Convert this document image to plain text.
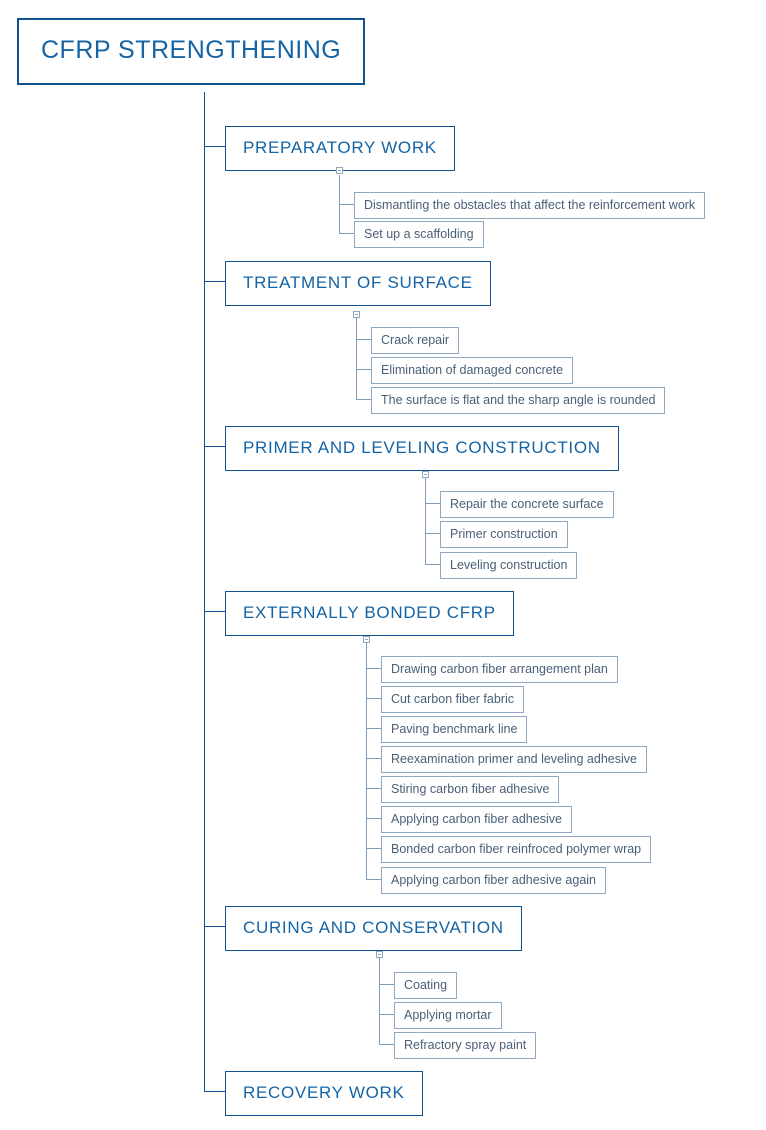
CFRP STRENGTHENING
PREPARATORY WORK
Dismantling the obstacles that affect the reinforcement work
Set up a scaffolding
TREATMENT OF SURFACE
Crack repair
Elimination of damaged concrete
The surface is flat and the sharp angle is rounded
PRIMER AND LEVELING CONSTRUCTION
Repair the concrete surface
Primer construction
Leveling construction
EXTERNALLY BONDED CFRP
Drawing carbon fiber arrangement plan
Cut carbon fiber fabric
Paving benchmark line
Reexamination primer and leveling adhesive
Stiring carbon fiber adhesive
Applying carbon fiber adhesive
Bonded carbon fiber reinfroced polymer wrap
Applying carbon fiber adhesive again
CURING AND CONSERVATION
Coating
Applying mortar
Refractory spray paint
RECOVERY WORK
